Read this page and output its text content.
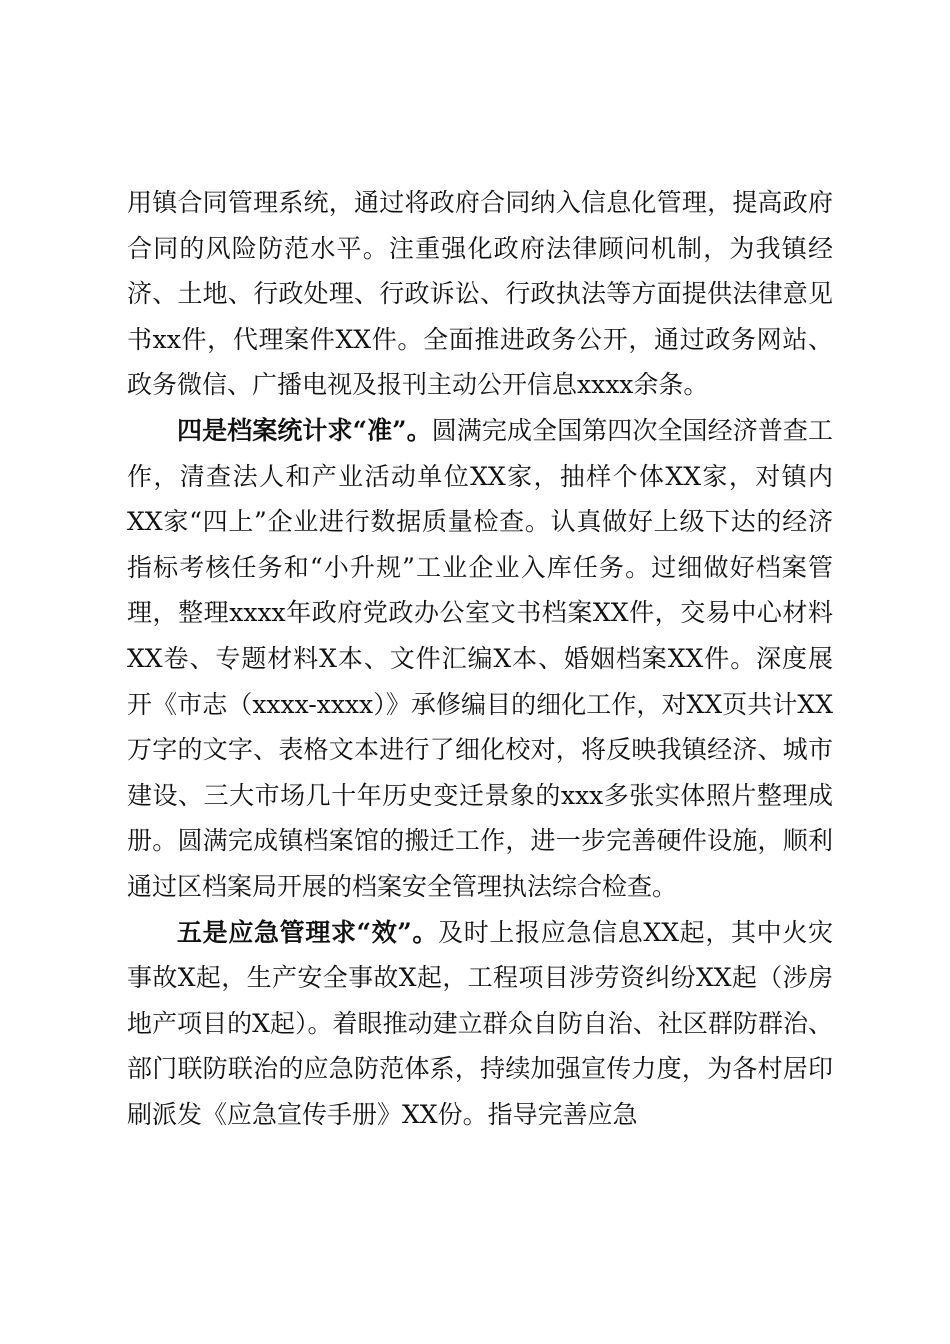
用镇合同管理系统，通过将政府合同纳入信息化管理，提高政府合同的风险防范水平。注重强化政府法律顾问机制，为我镇经济、土地、行政处理、行政诉讼、行政执法等方面提供法律意见书xx件，代理案件XX件。全面推进政务公开，通过政务网站、政务微信、广播电视及报刊主动公开信息xxxx余条。

四是档案统计求“准”。圆满完成全国第四次全国经济普查工作，清查法人和产业活动单位XX家，抽样个体XX家，对镇内XX家“四上”企业进行数据质量检查。认真做好上级下达的经济指标考核任务和“小升规”工业企业入库任务。过细做好档案管理，整理xxxx年政府党政办公室文书档案XX件，交易中心材料XX卷、专题材料X本、文件汇编X本、婚姻档案XX件。深度展开《市志（xxxx-xxxx）》承修编目的细化工作，对XX页共计XX万字的文字、表格文本进行了细化校对，将反映我镇经济、城市建设、三大市场几十年历史变迁景象的xxx多张实体照片整理成册。圆满完成镇档案馆的搬迁工作，进一步完善硬件设施，顺利通过区档案局开展的档案安全管理执法综合检查。

五是应急管理求“效”。及时上报应急信息XX起，其中火灾事故X起，生产安全事故X起，工程项目涉劳资纠纷XX起（涉房地产项目的X起）。着眼推动建立群众自防自治、社区群防群治、部门联防联治的应急防范体系，持续加强宣传力度，为各村居印刷派发《应急宣传手册》XX份。指导完善应急
